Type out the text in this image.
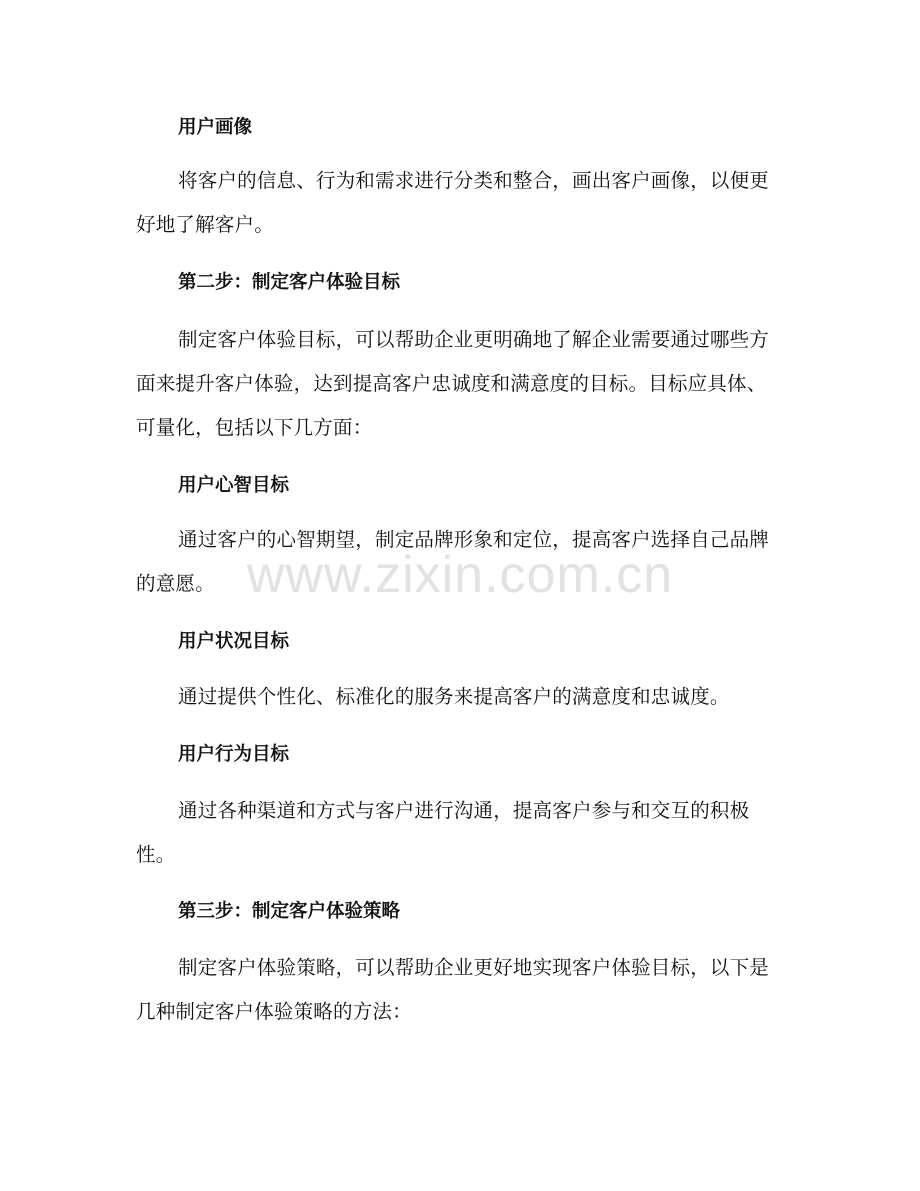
用户画像
将客户的信息、行为和需求进行分类和整合，画出客户画像，以便更好地了解客户。
第二步：制定客户体验目标
制定客户体验目标，可以帮助企业更明确地了解企业需要通过哪些方面来提升客户体验，达到提高客户忠诚度和满意度的目标。目标应具体、可量化，包括以下几方面：
用户心智目标
通过客户的心智期望，制定品牌形象和定位，提高客户选择自己品牌的意愿。
用户状况目标
通过提供个性化、标准化的服务来提高客户的满意度和忠诚度。
用户行为目标
通过各种渠道和方式与客户进行沟通，提高客户参与和交互的积极性。
第三步：制定客户体验策略
制定客户体验策略，可以帮助企业更好地实现客户体验目标，以下是几种制定客户体验策略的方法：
www.zixin.com.cn
